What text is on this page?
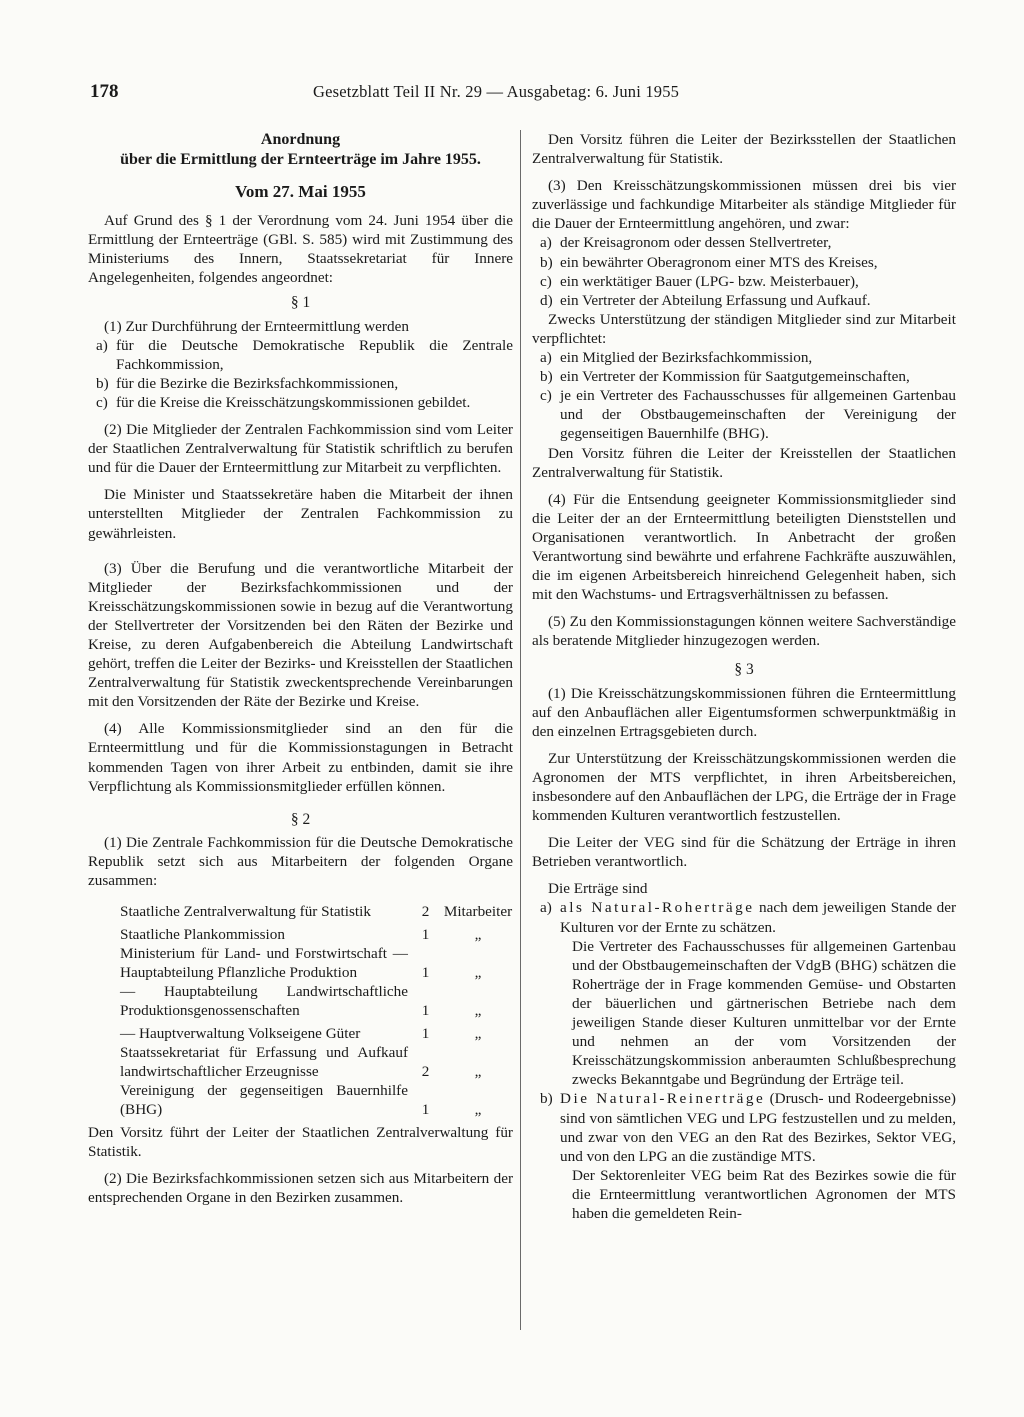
178	Gesetzblatt Teil II Nr. 29 — Ausgabetag: 6. Juni 1955
Anordnung
über die Ermittlung der Ernteerträge im Jahre 1955.
Vom 27. Mai 1955

Auf Grund des § 1 der Verordnung vom 24. Juni 1954 über die Ermittlung der Ernteerträge (GBl. S. 585) wird mit Zustimmung des Ministeriums des Innern, Staatssekretariat für Innere Angelegenheiten, folgendes angeordnet:

§ 1

(1) Zur Durchführung der Ernteermittlung werden

a) für die Deutsche Demokratische Republik die Zentrale Fachkommission,
b) für die Bezirke die Bezirksfachkommissionen,
c) für die Kreise die Kreisschätzungskommissionen gebildet.

(2) Die Mitglieder der Zentralen Fachkommission sind vom Leiter der Staatlichen Zentralverwaltung für Statistik schriftlich zu berufen und für die Dauer der Ernteermittlung zur Mitarbeit zu verpflichten.

Die Minister und Staatssekretäre haben die Mitarbeit der ihnen unterstellten Mitglieder der Zentralen Fachkommission zu gewährleisten.

(3) Über die Berufung und die verantwortliche Mitarbeit der Mitglieder der Bezirksfachkommissionen und der Kreisschätzungskommissionen sowie in bezug auf die Verantwortung der Stellvertreter der Vorsitzenden bei den Räten der Bezirke und Kreise, zu deren Aufgabenbereich die Abteilung Landwirtschaft gehört, treffen die Leiter der Bezirks- und Kreisstellen der Staatlichen Zentralverwaltung für Statistik zweckentsprechende Vereinbarungen mit den Vorsitzenden der Räte der Bezirke und Kreise.

(4) Alle Kommissionsmitglieder sind an den für die Ernteermittlung und für die Kommissionstagungen in Betracht kommenden Tagen von ihrer Arbeit zu entbinden, damit sie ihre Verpflichtung als Kommissionsmitglieder erfüllen können.

§ 2

(1) Die Zentrale Fachkommission für die Deutsche Demokratische Republik setzt sich aus Mitarbeitern der folgenden Organe zusammen:

Staatliche Zentralverwaltung für Statistik	2	Mitarbeiter
Staatliche Plankommission	1	„
Ministerium für Land- und Forstwirtschaft — Hauptabteilung Pflanzliche Produktion	1	„
— Hauptabteilung Landwirtschaftliche Produktionsgenossenschaften	1	„
— Hauptverwaltung Volkseigene Güter	1	„
Staatssekretariat für Erfassung und Aufkauf landwirtschaftlicher Erzeugnisse	2	„
Vereinigung der gegenseitigen Bauernhilfe (BHG)	1	„

Den Vorsitz führt der Leiter der Staatlichen Zentralverwaltung für Statistik.

(2) Die Bezirksfachkommissionen setzen sich aus Mitarbeitern der entsprechenden Organe in den Bezirken zusammen.

Den Vorsitz führen die Leiter der Bezirksstellen der Staatlichen Zentralverwaltung für Statistik.

(3) Den Kreisschätzungskommissionen müssen drei bis vier zuverlässige und fachkundige Mitarbeiter als ständige Mitglieder für die Dauer der Ernteermittlung angehören, und zwar:

a) der Kreisagronom oder dessen Stellvertreter,
b) ein bewährter Oberagronom einer MTS des Kreises,
c) ein werktätiger Bauer (LPG- bzw. Meisterbauer),
d) ein Vertreter der Abteilung Erfassung und Aufkauf.

Zwecks Unterstützung der ständigen Mitglieder sind zur Mitarbeit verpflichtet:

a) ein Mitglied der Bezirksfachkommission,
b) ein Vertreter der Kommission für Saatgutgemeinschaften,
c) je ein Vertreter des Fachausschusses für allgemeinen Gartenbau und der Obstbaugemeinschaften der Vereinigung der gegenseitigen Bauernhilfe (BHG).

Den Vorsitz führen die Leiter der Kreisstellen der Staatlichen Zentralverwaltung für Statistik.

(4) Für die Entsendung geeigneter Kommissionsmitglieder sind die Leiter der an der Ernteermittlung beteiligten Dienststellen und Organisationen verantwortlich. In Anbetracht der großen Verantwortung sind bewährte und erfahrene Fachkräfte auszuwählen, die im eigenen Arbeitsbereich hinreichend Gelegenheit haben, sich mit den Wachstums- und Ertragsverhältnissen zu befassen.

(5) Zu den Kommissionstagungen können weitere Sachverständige als beratende Mitglieder hinzugezogen werden.

§ 3

(1) Die Kreisschätzungskommissionen führen die Ernteermittlung auf den Anbauflächen aller Eigentumsformen schwerpunktmäßig in den einzelnen Ertragsgebieten durch.

Zur Unterstützung der Kreisschätzungskommissionen werden die Agronomen der MTS verpflichtet, in ihren Arbeitsbereichen, insbesondere auf den Anbauflächen der LPG, die Erträge der in Frage kommenden Kulturen verantwortlich festzustellen.

Die Leiter der VEG sind für die Schätzung der Erträge in ihren Betrieben verantwortlich.

Die Erträge sind

a) als Natural-Roherträge nach dem jeweiligen Stande der Kulturen vor der Ernte zu schätzen.

Die Vertreter des Fachausschusses für allgemeinen Gartenbau und der Obstbaugemeinschaften der VdgB (BHG) schätzen die Roherträge der in Frage kommenden Gemüse- und Obstarten der bäuerlichen und gärtnerischen Betriebe nach dem jeweiligen Stande dieser Kulturen unmittelbar vor der Ernte und nehmen an der vom Vorsitzenden der Kreisschätzungskommission anberaumten Schlußbesprechung zwecks Bekanntgabe und Begründung der Erträge teil.

b) Die Natural-Reinerträge (Drusch- und Rodeergebnisse) sind von sämtlichen VEG und LPG festzustellen und zu melden, und zwar von den VEG an den Rat des Bezirkes, Sektor VEG, und von den LPG an die zuständige MTS.

Der Sektorenleiter VEG beim Rat des Bezirkes sowie die für die Ernteermittlung verantwortlichen Agronomen der MTS haben die gemeldeten Rein-
